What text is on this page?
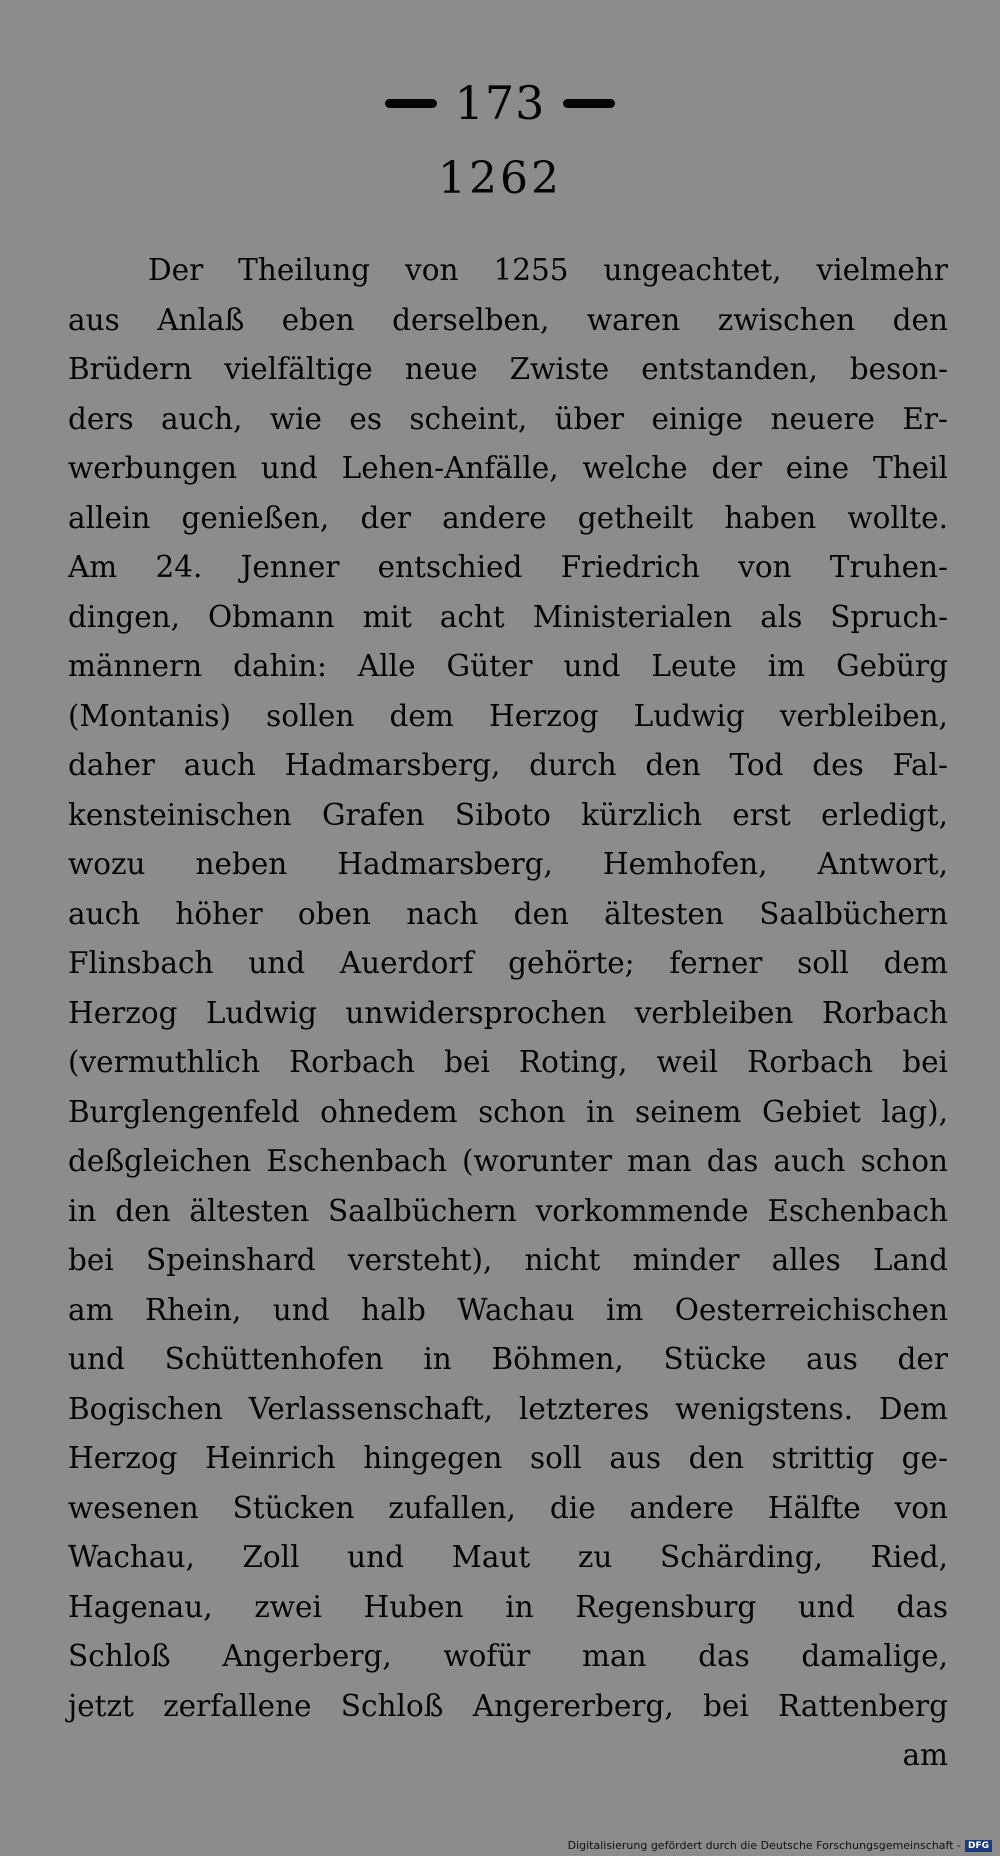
173
1262
Der Theilung von 1255 ungeachtet, vielmehr
aus Anlaß eben derselben, waren zwischen den
Brüdern vielfältige neue Zwiste entstanden, beson-
ders auch, wie es scheint, über einige neuere Er-
werbungen und Lehen-Anfälle, welche der eine Theil
allein genießen, der andere getheilt haben wollte.
Am 24. Jenner entschied Friedrich von Truhen-
dingen, Obmann mit acht Ministerialen als Spruch-
männern dahin: Alle Güter und Leute im Gebürg
(Montanis) sollen dem Herzog Ludwig verbleiben,
daher auch Hadmarsberg, durch den Tod des Fal-
kensteinischen Grafen Siboto kürzlich erst erledigt,
wozu neben Hadmarsberg, Hemhofen, Antwort,
auch höher oben nach den ältesten Saalbüchern
Flinsbach und Auerdorf gehörte; ferner soll dem
Herzog Ludwig unwidersprochen verbleiben Rorbach
(vermuthlich Rorbach bei Roting, weil Rorbach bei
Burglengenfeld ohnedem schon in seinem Gebiet lag),
deßgleichen Eschenbach (worunter man das auch schon
in den ältesten Saalbüchern vorkommende Eschenbach
bei Speinshard versteht), nicht minder alles Land
am Rhein, und halb Wachau im Oesterreichischen
und Schüttenhofen in Böhmen, Stücke aus der
Bogischen Verlassenschaft, letzteres wenigstens. Dem
Herzog Heinrich hingegen soll aus den strittig ge-
wesenen Stücken zufallen, die andere Hälfte von
Wachau, Zoll und Maut zu Schärding, Ried,
Hagenau, zwei Huben in Regensburg und das
Schloß Angerberg, wofür man das damalige,
jetzt zerfallene Schloß Angererberg, bei Rattenberg
am
Digitalisierung gefördert durch die Deutsche Forschungsgemeinschaft - DFG
